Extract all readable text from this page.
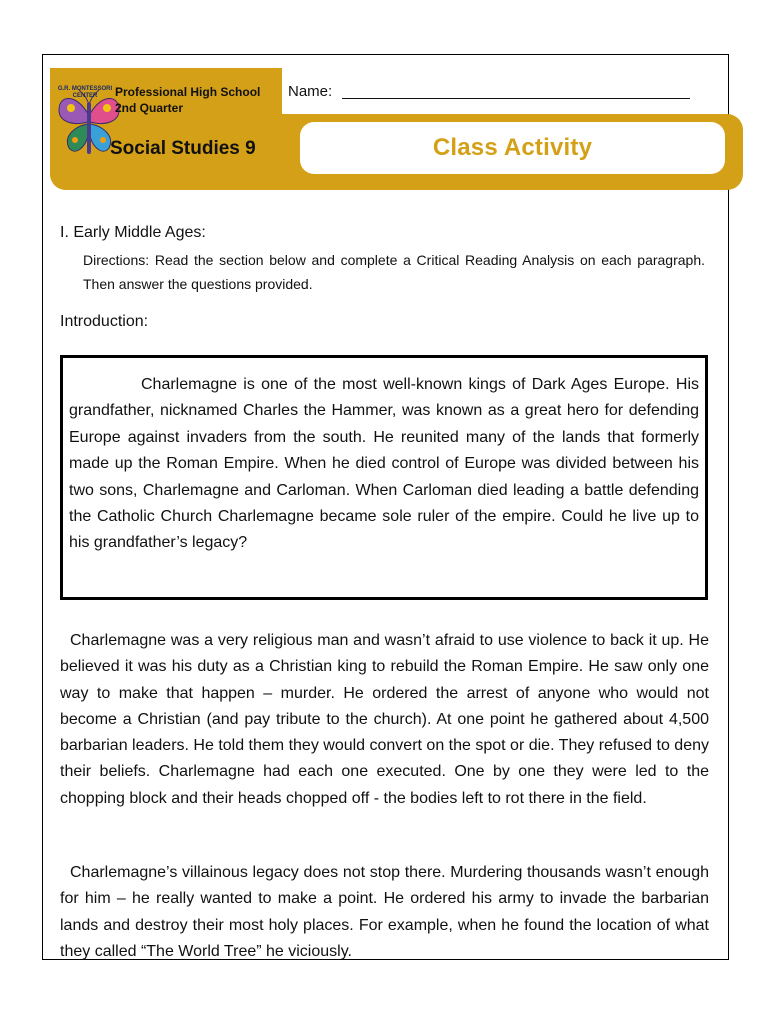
G.R. MONTESSORI CENTER	Professional High School
2nd Quarter
Social Studies 9
Name:
Class Activity
I. Early Middle Ages:
Directions: Read the section below and complete a Critical Reading Analysis on each paragraph. Then answer the questions provided.
Introduction:

Charlemagne is one of the most well-known kings of Dark Ages Europe. His grandfather, nicknamed Charles the Hammer, was known as a great hero for defending Europe against invaders from the south. He reunited many of the lands that formerly made up the Roman Empire. When he died control of Europe was divided between his two sons, Charlemagne and Carloman. When Carloman died leading a battle defending the Catholic Church Charlemagne became sole ruler of the empire. Could he live up to his grandfather’s legacy?

Charlemagne was a very religious man and wasn’t afraid to use violence to back it up. He believed it was his duty as a Christian king to rebuild the Roman Empire. He saw only one way to make that happen – murder. He ordered the arrest of anyone who would not become a Christian (and pay tribute to the church). At one point he gathered about 4,500 barbarian leaders. He told them they would convert on the spot or die. They refused to deny their beliefs. Charlemagne had each one executed. One by one they were led to the chopping block and their heads chopped off - the bodies left to rot there in the field.

Charlemagne’s villainous legacy does not stop there. Murdering thousands wasn’t enough for him – he really wanted to make a point. He ordered his army to invade the barbarian lands and destroy their most holy places. For example, when he found the location of what they called “The World Tree” he viciously.
